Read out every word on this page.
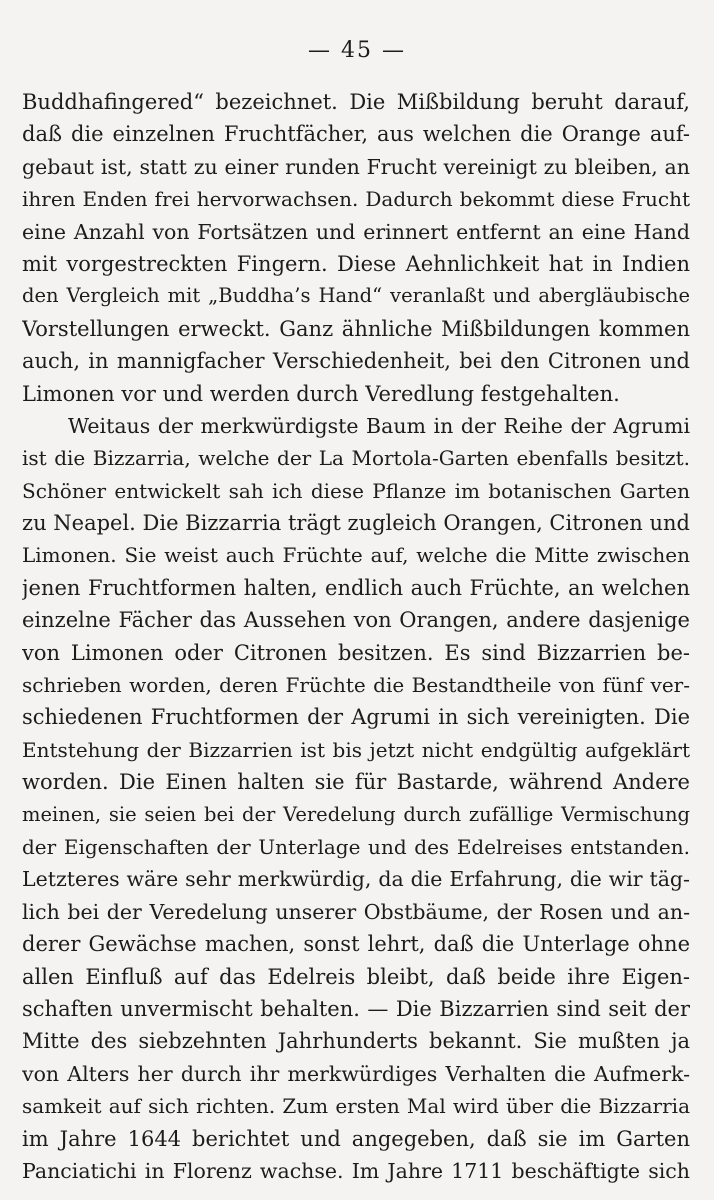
— 45 —
Buddhafingered“ bezeichnet. Die Mißbildung beruht darauf,
daß die einzelnen Fruchtfächer, aus welchen die Orange auf-
gebaut ist, statt zu einer runden Frucht vereinigt zu bleiben, an
ihren Enden frei hervorwachsen. Dadurch bekommt diese Frucht
eine Anzahl von Fortsätzen und erinnert entfernt an eine Hand
mit vorgestreckten Fingern. Diese Aehnlichkeit hat in Indien
den Vergleich mit „Buddha’s Hand“ veranlaßt und abergläubische
Vorstellungen erweckt. Ganz ähnliche Mißbildungen kommen
auch, in mannigfacher Verschiedenheit, bei den Citronen und
Limonen vor und werden durch Veredlung festgehalten.
Weitaus der merkwürdigste Baum in der Reihe der Agrumi
ist die Bizzarria, welche der La Mortola-Garten ebenfalls besitzt.
Schöner entwickelt sah ich diese Pflanze im botanischen Garten
zu Neapel. Die Bizzarria trägt zugleich Orangen, Citronen und
Limonen. Sie weist auch Früchte auf, welche die Mitte zwischen
jenen Fruchtformen halten, endlich auch Früchte, an welchen
einzelne Fächer das Aussehen von Orangen, andere dasjenige
von Limonen oder Citronen besitzen. Es sind Bizzarrien be-
schrieben worden, deren Früchte die Bestandtheile von fünf ver-
schiedenen Fruchtformen der Agrumi in sich vereinigten. Die
Entstehung der Bizzarrien ist bis jetzt nicht endgültig aufgeklärt
worden. Die Einen halten sie für Bastarde, während Andere
meinen, sie seien bei der Veredelung durch zufällige Vermischung
der Eigenschaften der Unterlage und des Edelreises entstanden.
Letzteres wäre sehr merkwürdig, da die Erfahrung, die wir täg-
lich bei der Veredelung unserer Obstbäume, der Rosen und an-
derer Gewächse machen, sonst lehrt, daß die Unterlage ohne
allen Einfluß auf das Edelreis bleibt, daß beide ihre Eigen-
schaften unvermischt behalten. — Die Bizzarrien sind seit der
Mitte des siebzehnten Jahrhunderts bekannt. Sie mußten ja
von Alters her durch ihr merkwürdiges Verhalten die Aufmerk-
samkeit auf sich richten. Zum ersten Mal wird über die Bizzarria
im Jahre 1644 berichtet und angegeben, daß sie im Garten
Panciatichi in Florenz wachse. Im Jahre 1711 beschäftigte sich
